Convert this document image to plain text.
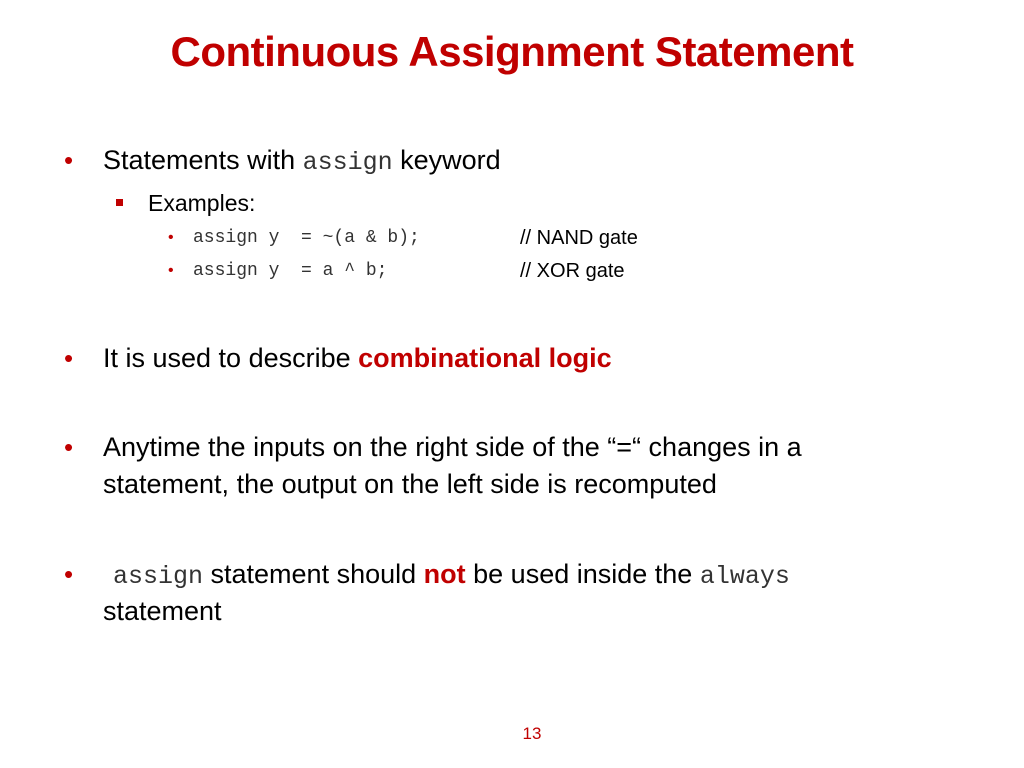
Continuous Assignment Statement
• Statements with assign keyword
Examples:
• assign y  = ~(a & b);	// NAND gate
• assign y  = a ^ b;	// XOR gate
• It is used to describe combinational logic
• Anytime the inputs on the right side of the “=“ changes in a
statement, the output on the left side is recomputed
• assign statement should not be used inside the always
statement
13
